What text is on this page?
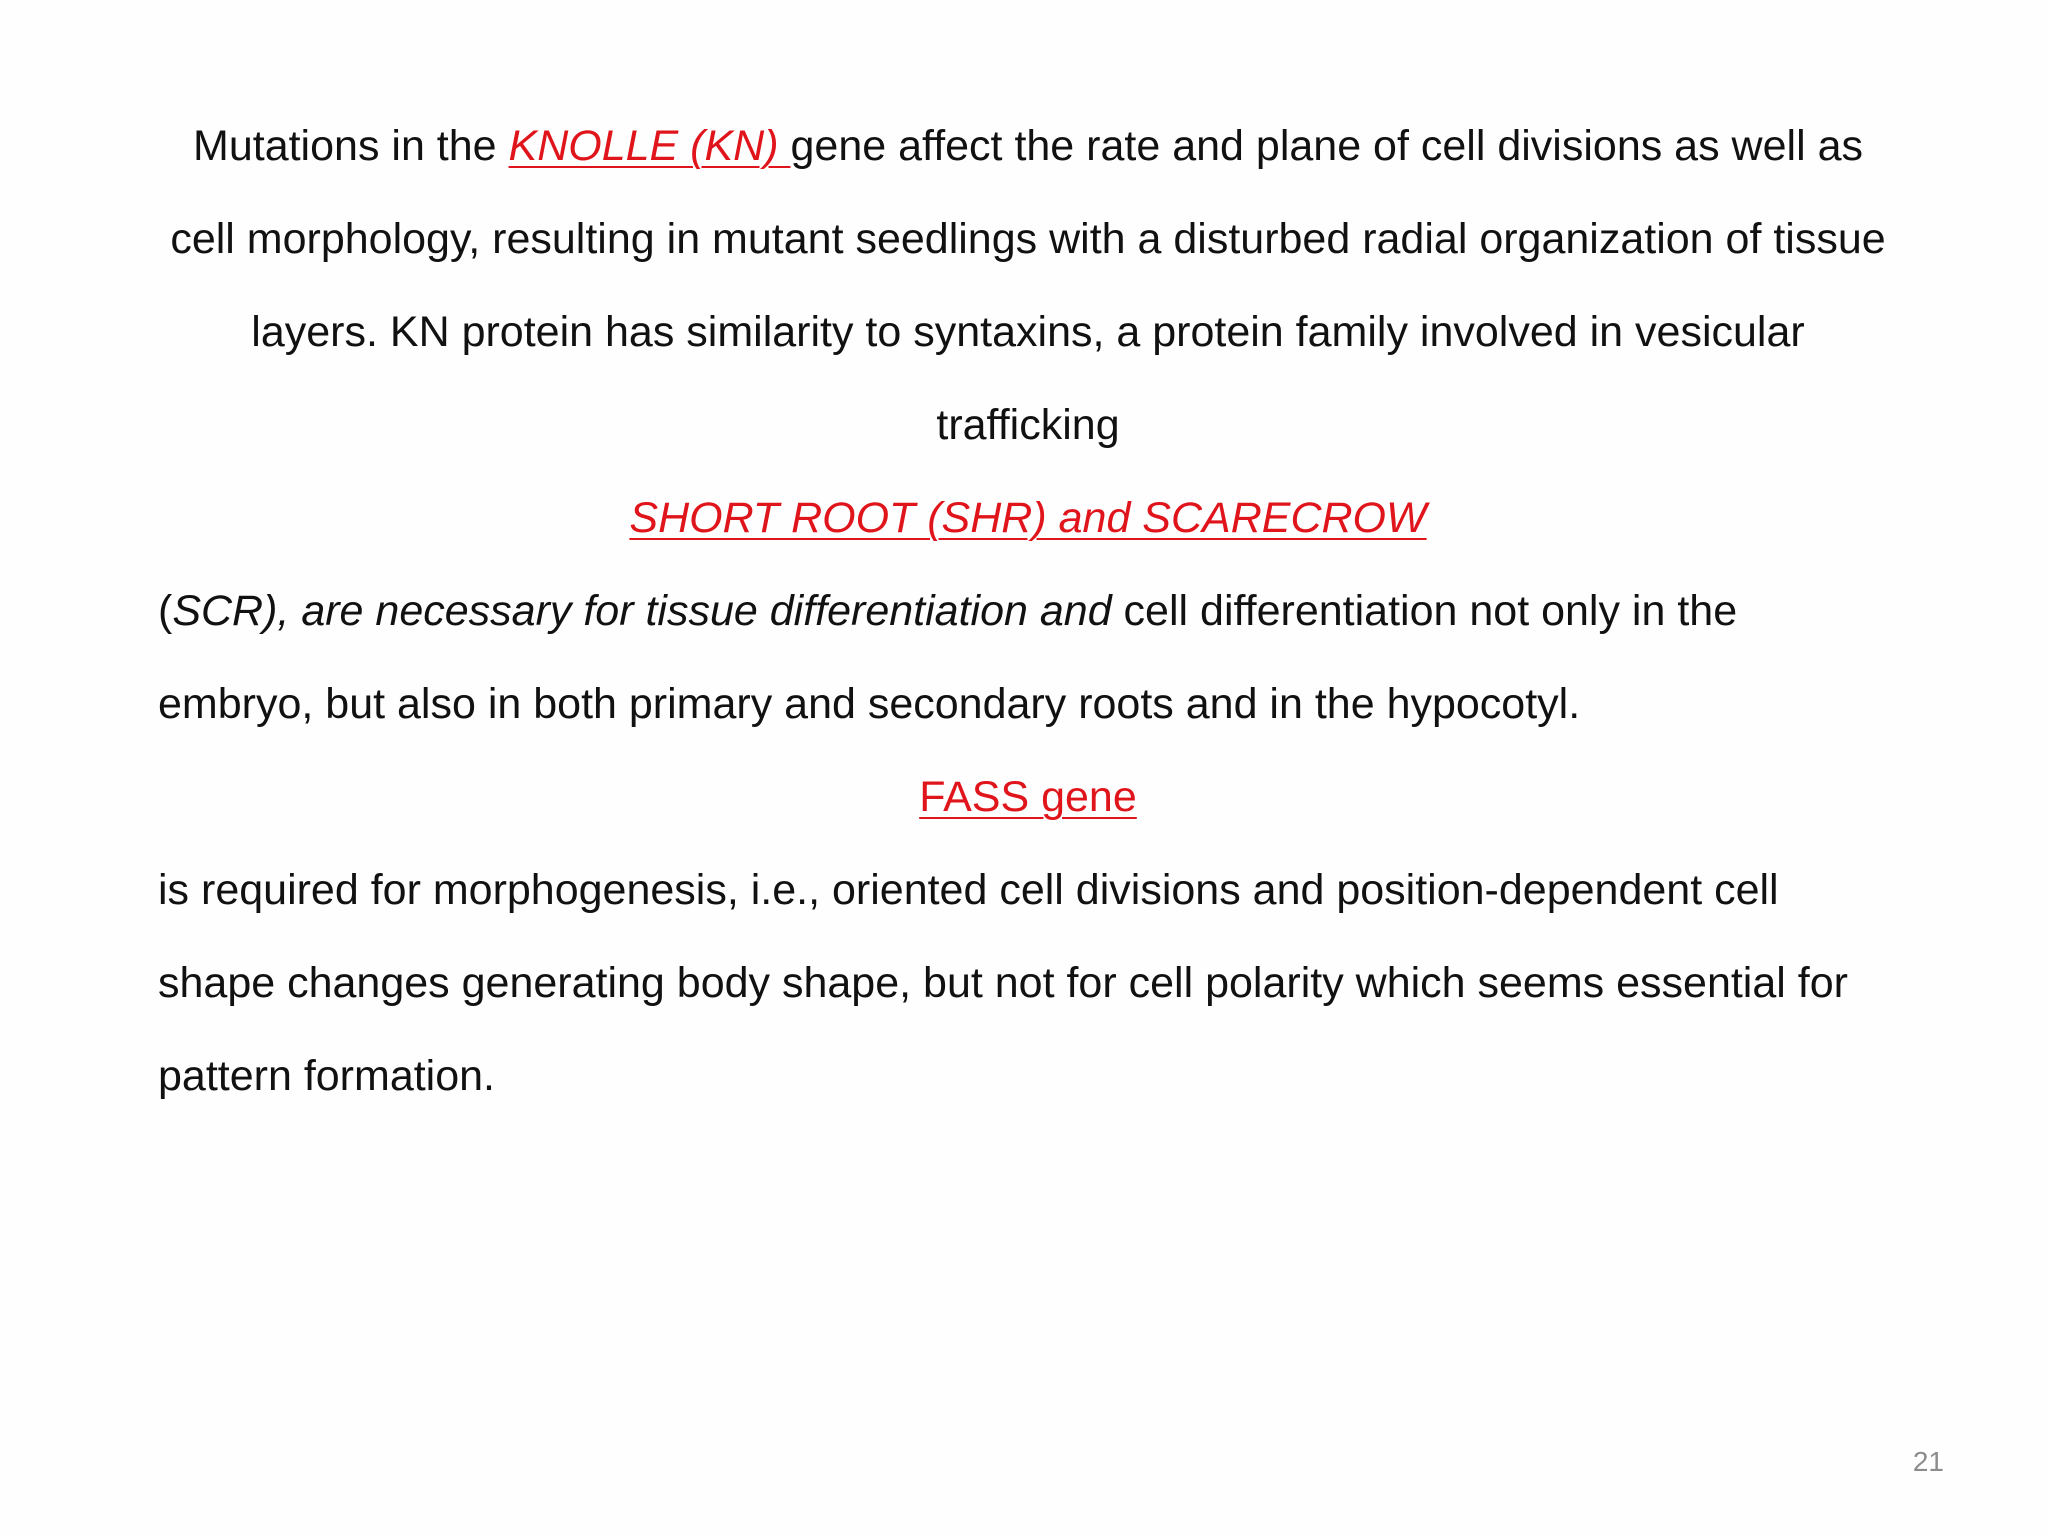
Mutations in the KNOLLE (KN) gene affect the rate and plane of cell divisions as well as cell morphology, resulting in mutant seedlings with a disturbed radial organization of tissue layers. KN protein has similarity to syntaxins, a protein family involved in vesicular trafficking
SHORT ROOT (SHR) and SCARECROW
(SCR), are necessary for tissue differentiation and cell differentiation not only in the embryo, but also in both primary and secondary roots and in the hypocotyl.
FASS gene
is required for morphogenesis, i.e., oriented cell divisions and position-dependent cell shape changes generating body shape, but not for cell polarity which seems essential for pattern formation.
21
